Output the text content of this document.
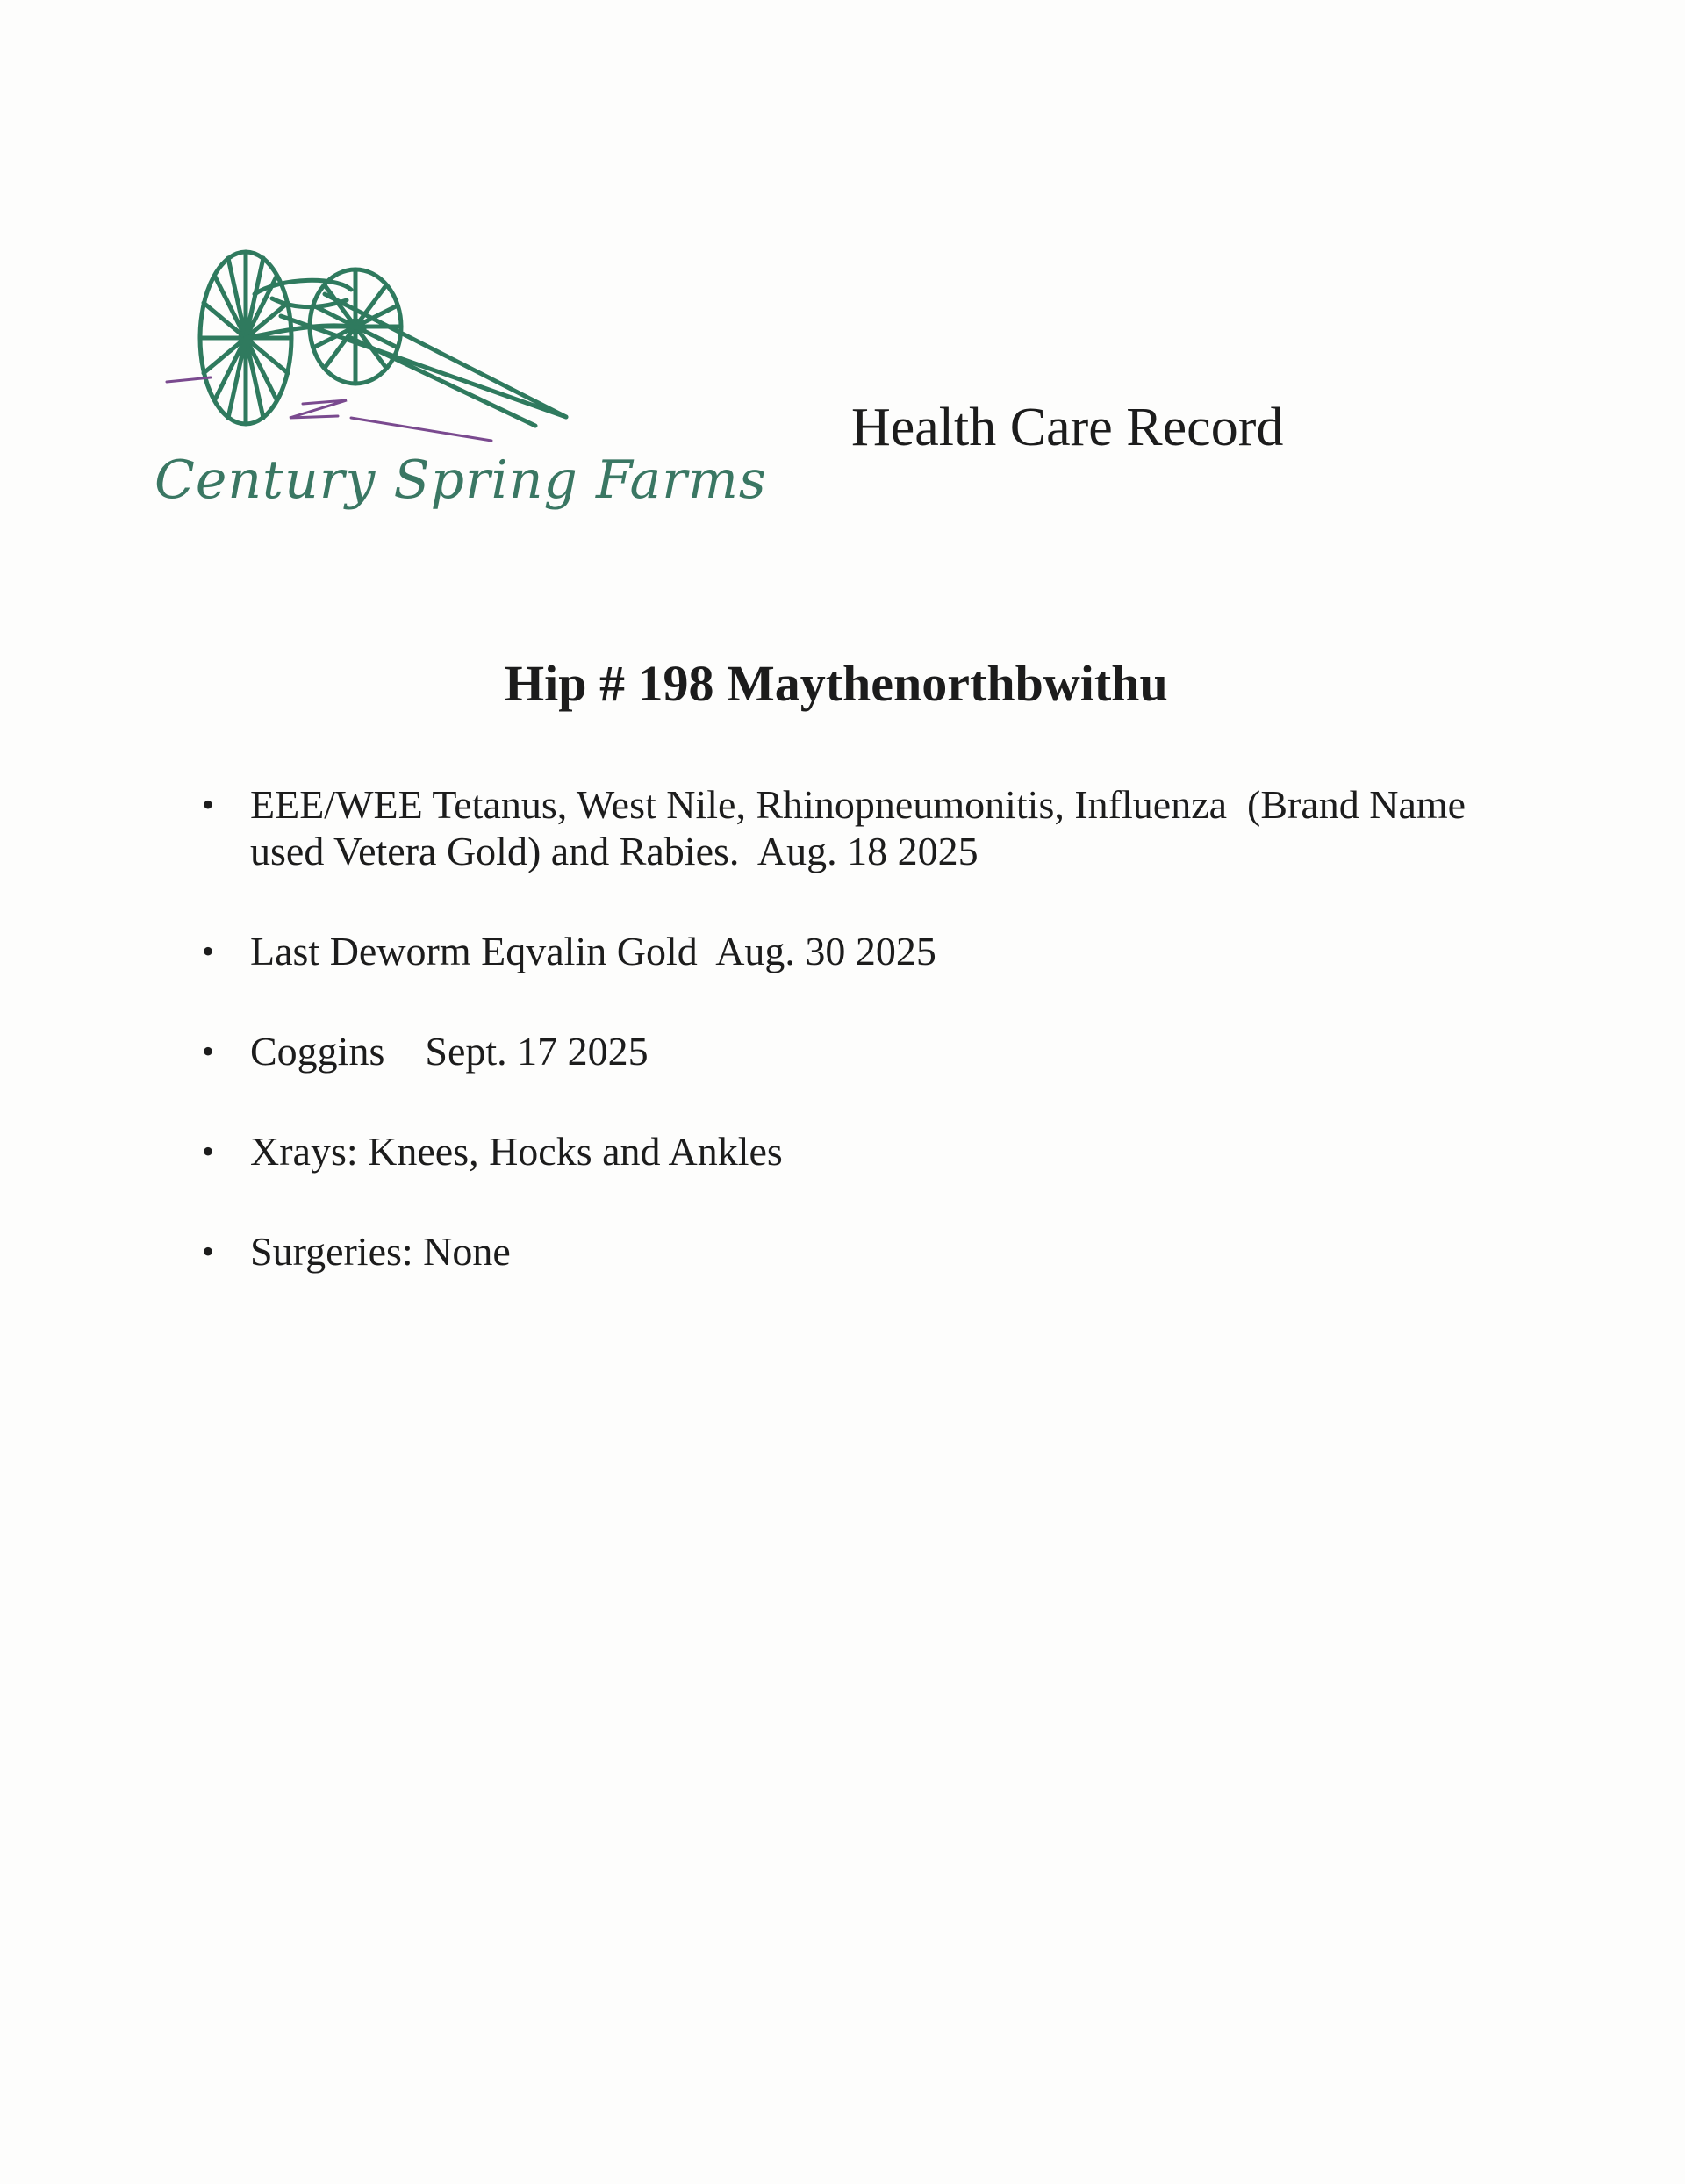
Century Spring Farms
Health Care Record
Hip # 198 Maythenorthbwithu
• EEE/WEE Tetanus, West Nile, Rhinopneumonitis, Influenza  (Brand Name used Vetera Gold) and Rabies.  Aug. 18 2025
• Last Deworm Eqvalin Gold  Aug. 30 2025
• Coggins    Sept. 17 2025
• Xrays: Knees, Hocks and Ankles
• Surgeries: None
